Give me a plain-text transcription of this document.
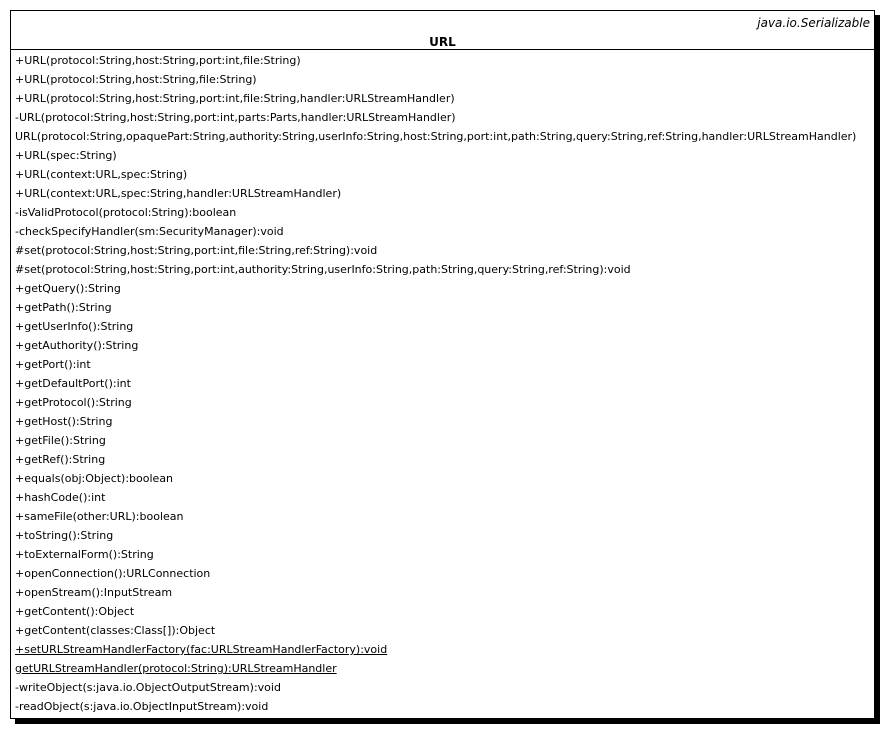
java.io.Serializable
URL
+URL(protocol:String,host:String,port:int,file:String)
+URL(protocol:String,host:String,file:String)
+URL(protocol:String,host:String,port:int,file:String,handler:URLStreamHandler)
-URL(protocol:String,host:String,port:int,parts:Parts,handler:URLStreamHandler)
URL(protocol:String,opaquePart:String,authority:String,userInfo:String,host:String,port:int,path:String,query:String,ref:String,handler:URLStreamHandler)
+URL(spec:String)
+URL(context:URL,spec:String)
+URL(context:URL,spec:String,handler:URLStreamHandler)
-isValidProtocol(protocol:String):boolean
-checkSpecifyHandler(sm:SecurityManager):void
#set(protocol:String,host:String,port:int,file:String,ref:String):void
#set(protocol:String,host:String,port:int,authority:String,userInfo:String,path:String,query:String,ref:String):void
+getQuery():String
+getPath():String
+getUserInfo():String
+getAuthority():String
+getPort():int
+getDefaultPort():int
+getProtocol():String
+getHost():String
+getFile():String
+getRef():String
+equals(obj:Object):boolean
+hashCode():int
+sameFile(other:URL):boolean
+toString():String
+toExternalForm():String
+openConnection():URLConnection
+openStream():InputStream
+getContent():Object
+getContent(classes:Class[]):Object
+setURLStreamHandlerFactory(fac:URLStreamHandlerFactory):void
getURLStreamHandler(protocol:String):URLStreamHandler
-writeObject(s:java.io.ObjectOutputStream):void
-readObject(s:java.io.ObjectInputStream):void
